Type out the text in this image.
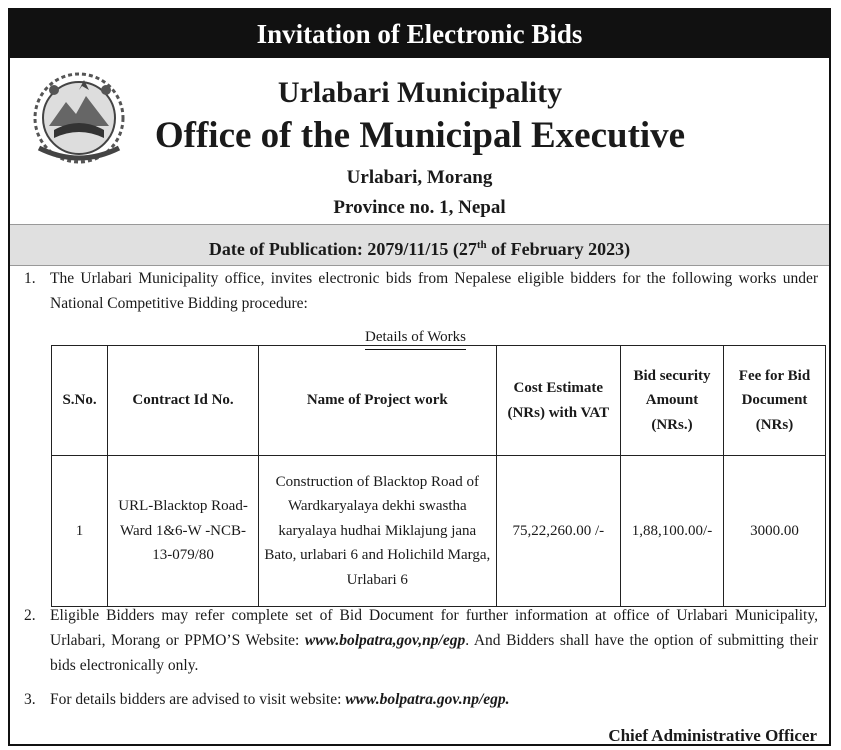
Invitation of Electronic Bids
Urlabari Municipality
Office of the Municipal Executive
Urlabari, Morang
Province no. 1, Nepal
Date of Publication: 2079/11/15 (27th of February 2023)
1. The Urlabari Municipality office, invites electronic bids from Nepalese eligible bidders for the following works under National Competitive Bidding procedure:
Details of Works
S.No.	Contract Id No.	Name of Project work	Cost Estimate (NRs) with VAT	Bid security Amount (NRs.)	Fee for Bid Document (NRs)
1	URL-Blacktop Road-Ward 1&6-W -NCB-13-079/80	Construction of Blacktop Road of Wardkaryalaya dekhi swastha karyalaya hudhai Miklajung jana Bato, urlabari 6 and Holichild Marga, Urlabari 6	75,22,260.00 /-	1,88,100.00/-	3000.00
2. Eligible Bidders may refer complete set of Bid Document for further information at office of Urlabari Municipality, Urlabari, Morang or PPMO’S Website: www.bolpatra,gov,np/egp. And Bidders shall have the option of submitting their bids electronically only.
3. For details bidders are advised to visit website: www.bolpatra.gov.np/egp.
Chief Administrative Officer
